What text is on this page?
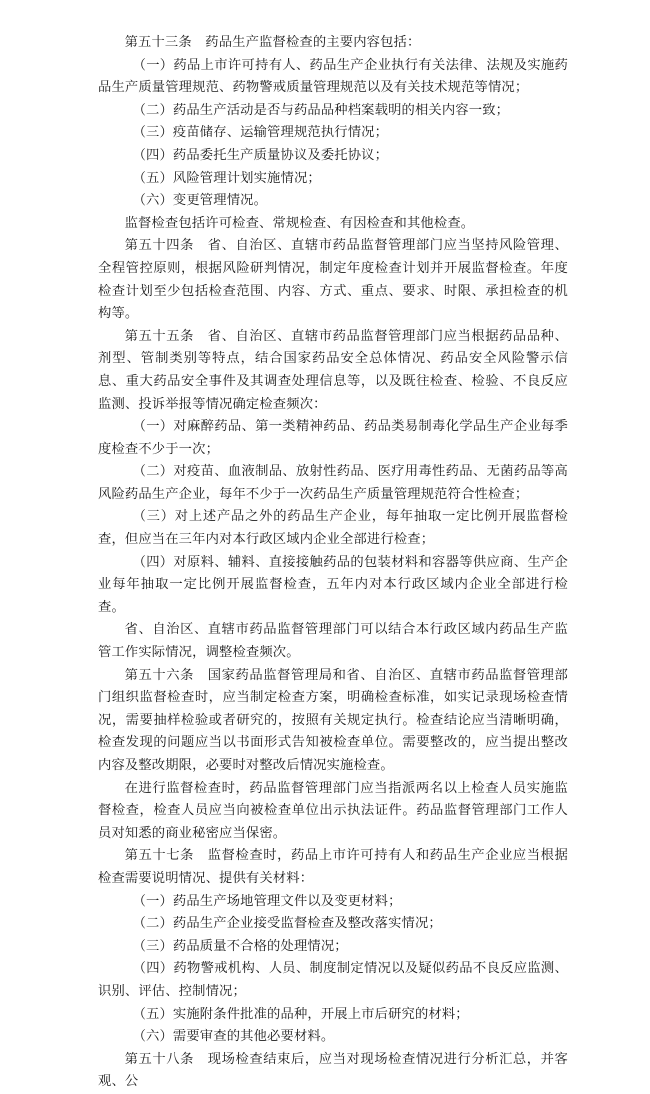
第五十三条　药品生产监督检查的主要内容包括：

（一）药品上市许可持有人、药品生产企业执行有关法律、法规及实施药品生产质量管理规范、药物警戒质量管理规范以及有关技术规范等情况；

（二）药品生产活动是否与药品品种档案载明的相关内容一致；

（三）疫苗储存、运输管理规范执行情况；

（四）药品委托生产质量协议及委托协议；

（五）风险管理计划实施情况；

（六）变更管理情况。

监督检查包括许可检查、常规检查、有因检查和其他检查。

第五十四条　省、自治区、直辖市药品监督管理部门应当坚持风险管理、全程管控原则，根据风险研判情况，制定年度检查计划并开展监督检查。年度检查计划至少包括检查范围、内容、方式、重点、要求、时限、承担检查的机构等。

第五十五条　省、自治区、直辖市药品监督管理部门应当根据药品品种、剂型、管制类别等特点，结合国家药品安全总体情况、药品安全风险警示信息、重大药品安全事件及其调查处理信息等，以及既往检查、检验、不良反应监测、投诉举报等情况确定检查频次：

（一）对麻醉药品、第一类精神药品、药品类易制毒化学品生产企业每季度检查不少于一次；

（二）对疫苗、血液制品、放射性药品、医疗用毒性药品、无菌药品等高风险药品生产企业，每年不少于一次药品生产质量管理规范符合性检查；

（三）对上述产品之外的药品生产企业，每年抽取一定比例开展监督检查，但应当在三年内对本行政区域内企业全部进行检查；

（四）对原料、辅料、直接接触药品的包装材料和容器等供应商、生产企业每年抽取一定比例开展监督检查，五年内对本行政区域内企业全部进行检查。

省、自治区、直辖市药品监督管理部门可以结合本行政区域内药品生产监管工作实际情况，调整检查频次。

第五十六条　国家药品监督管理局和省、自治区、直辖市药品监督管理部门组织监督检查时，应当制定检查方案，明确检查标准，如实记录现场检查情况，需要抽样检验或者研究的，按照有关规定执行。检查结论应当清晰明确，检查发现的问题应当以书面形式告知被检查单位。需要整改的，应当提出整改内容及整改期限，必要时对整改后情况实施检查。

在进行监督检查时，药品监督管理部门应当指派两名以上检查人员实施监督检查，检查人员应当向被检查单位出示执法证件。药品监督管理部门工作人员对知悉的商业秘密应当保密。

第五十七条　监督检查时，药品上市许可持有人和药品生产企业应当根据检查需要说明情况、提供有关材料：

（一）药品生产场地管理文件以及变更材料；

（二）药品生产企业接受监督检查及整改落实情况；

（三）药品质量不合格的处理情况；

（四）药物警戒机构、人员、制度制定情况以及疑似药品不良反应监测、识别、评估、控制情况；

（五）实施附条件批准的品种，开展上市后研究的材料；

（六）需要审查的其他必要材料。

第五十八条　现场检查结束后，应当对现场检查情况进行分析汇总，并客观、公
